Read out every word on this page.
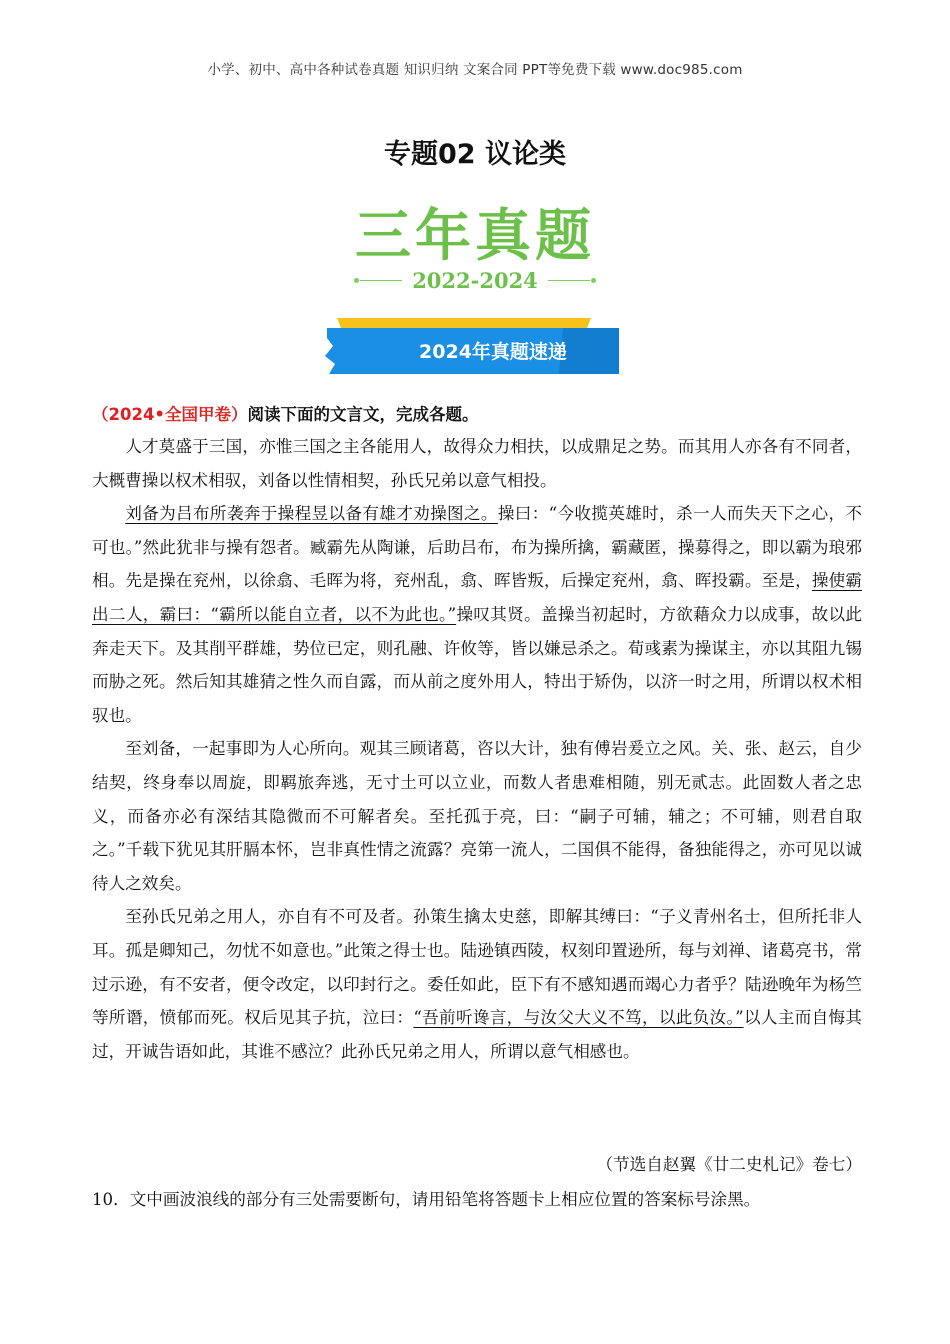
小学、初中、高中各种试卷真题 知识归纳 文案合同 PPT等免费下载 www.doc985.com
专题02 议论类
三年真题
2022-2024
2024年真题速递
（2024•全国甲卷）阅读下面的文言文，完成各题。

人才莫盛于三国，亦惟三国之主各能用人，故得众力相扶，以成鼎足之势。而其用人亦各有不同者，大概曹操以权术相驭，刘备以性情相契，孙氏兄弟以意气相投。

刘备为吕布所袭奔于操程昱以备有雄才劝操图之。操曰：“今收揽英雄时，杀一人而失天下之心，不可也。”然此犹非与操有怨者。臧霸先从陶谦，后助吕布，布为操所擒，霸藏匿，操募得之，即以霸为琅邪相。先是操在兖州，以徐翕、毛晖为将，兖州乱，翕、晖皆叛，后操定兖州，翕、晖投霸。至是，操使霸出二人，霸曰：“霸所以能自立者，以不为此也。”操叹其贤。盖操当初起时，方欲藉众力以成事，故以此奔走天下。及其削平群雄，势位已定，则孔融、许攸等，皆以嫌忌杀之。荀彧素为操谋主，亦以其阻九锡而胁之死。然后知其雄猜之性久而自露，而从前之度外用人，特出于矫伪，以济一时之用，所谓以权术相驭也。

至刘备，一起事即为人心所向。观其三顾诸葛，咨以大计，独有傅岩爰立之风。关、张、赵云，自少结契，终身奉以周旋，即羁旅奔逃，无寸土可以立业，而数人者患难相随，别无贰志。此固数人者之忠义，而备亦必有深结其隐微而不可解者矣。至托孤于亮，曰：“嗣子可辅，辅之；不可辅，则君自取之。”千载下犹见其肝膈本怀，岂非真性情之流露？亮第一流人，二国俱不能得，备独能得之，亦可见以诚待人之效矣。

至孙氏兄弟之用人，亦自有不可及者。孙策生擒太史慈，即解其缚曰：“子义青州名士，但所托非人耳。孤是卿知己，勿忧不如意也。”此策之得士也。陆逊镇西陵，权刻印置逊所，每与刘禅、诸葛亮书，常过示逊，有不安者，便令改定，以印封行之。委任如此，臣下有不感知遇而竭心力者乎？陆逊晚年为杨竺等所谮，愤郁而死。权后见其子抗，泣曰：“吾前听谗言，与汝父大义不笃，以此负汝。”以人主而自悔其过，开诚告语如此，其谁不感泣？此孙氏兄弟之用人，所谓以意气相感也。

（节选自赵翼《廿二史札记》卷七）
10．文中画波浪线的部分有三处需要断句，请用铅笔将答题卡上相应位置的答案标号涂黑。
